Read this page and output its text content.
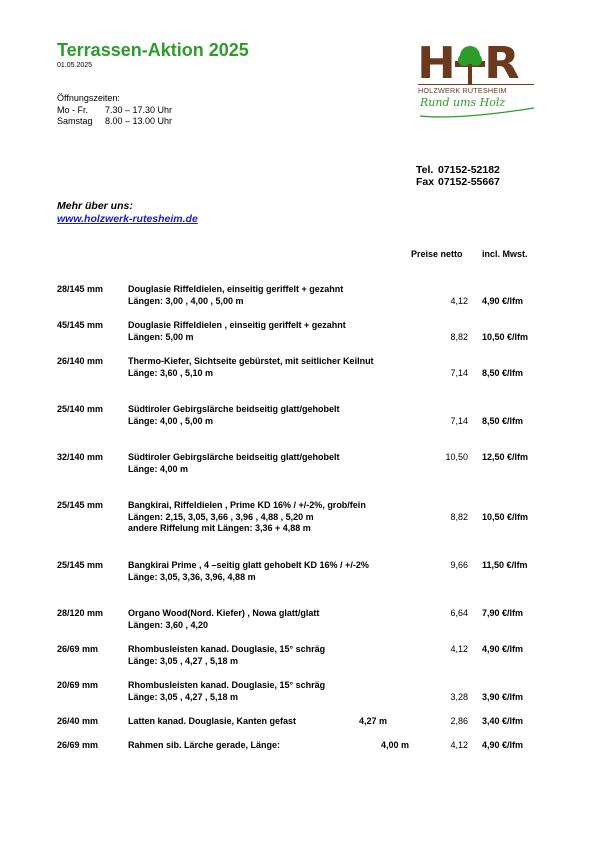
Terrassen-Aktion 2025
01.05.2025
Öffnungszeiten:
Mo - Fr. 7.30 – 17.30 Uhr
Samstag 8.00 – 13.00 Uhr
H R
HOLZWERK RUTESHEIM
Rund ums Holz
Tel. 07152-52182
Fax 07152-55667
Mehr über uns:
www.holzwerk-rutesheim.de
Preise netto incl. Mwst.
28/145 mm	Douglasie Riffeldielen, einseitig geriffelt + gezahnt
Längen: 3,00 , 4,00 , 5,00 m	4,12 4,90 €/lfm
45/145 mm	Douglasie Riffeldielen , einseitig geriffelt + gezahnt
Längen: 5,00 m	8,82 10,50 €/lfm
26/140 mm	Thermo-Kiefer, Sichtseite gebürstet, mit seitlicher Keilnut
Länge: 3,60 , 5,10 m	7,14 8,50 €/lfm
25/140 mm	Südtiroler Gebirgslärche beidseitig glatt/gehobelt
Länge: 4,00 , 5,00 m	7,14 8,50 €/lfm
32/140 mm	Südtiroler Gebirgslärche beidseitig glatt/gehobelt
Länge: 4,00 m
10,50 12,50 €/lfm
25/145 mm	Bangkirai, Riffeldielen , Prime KD 16% / +/-2%, grob/fein
Längen: 2,15, 3,05, 3,66 , 3,96 , 4,88 , 5,20 m
andere Riffelung mit Längen: 3,36 + 4,88 m
8,82 10,50 €/lfm
25/145 mm	Bangkirai Prime , 4 –seitig glatt gehobelt KD 16% / +/-2%
Länge: 3,05, 3,36, 3,96, 4,88 m
9,66 11,50 €/lfm
28/120 mm	Organo Wood(Nord. Kiefer) , Nowa glatt/glatt
Längen: 3,60 , 4,20
6,64 7,90 €/lfm
26/69 mm	Rhombusleisten kanad. Douglasie, 15° schräg
Länge: 3,05 , 4,27 , 5,18 m
4,12 4,90 €/lfm
20/69 mm	Rhombusleisten kanad. Douglasie, 15° schräg
Länge: 3,05 , 4,27 , 5,18 m	3,28 3,90 €/lfm
26/40 mm	Latten kanad. Douglasie, Kanten gefast	4,27 m	2,86 3,40 €/lfm
26/69 mm	Rahmen sib. Lärche gerade, Länge:	4,00 m	4,12 4,90 €/lfm
